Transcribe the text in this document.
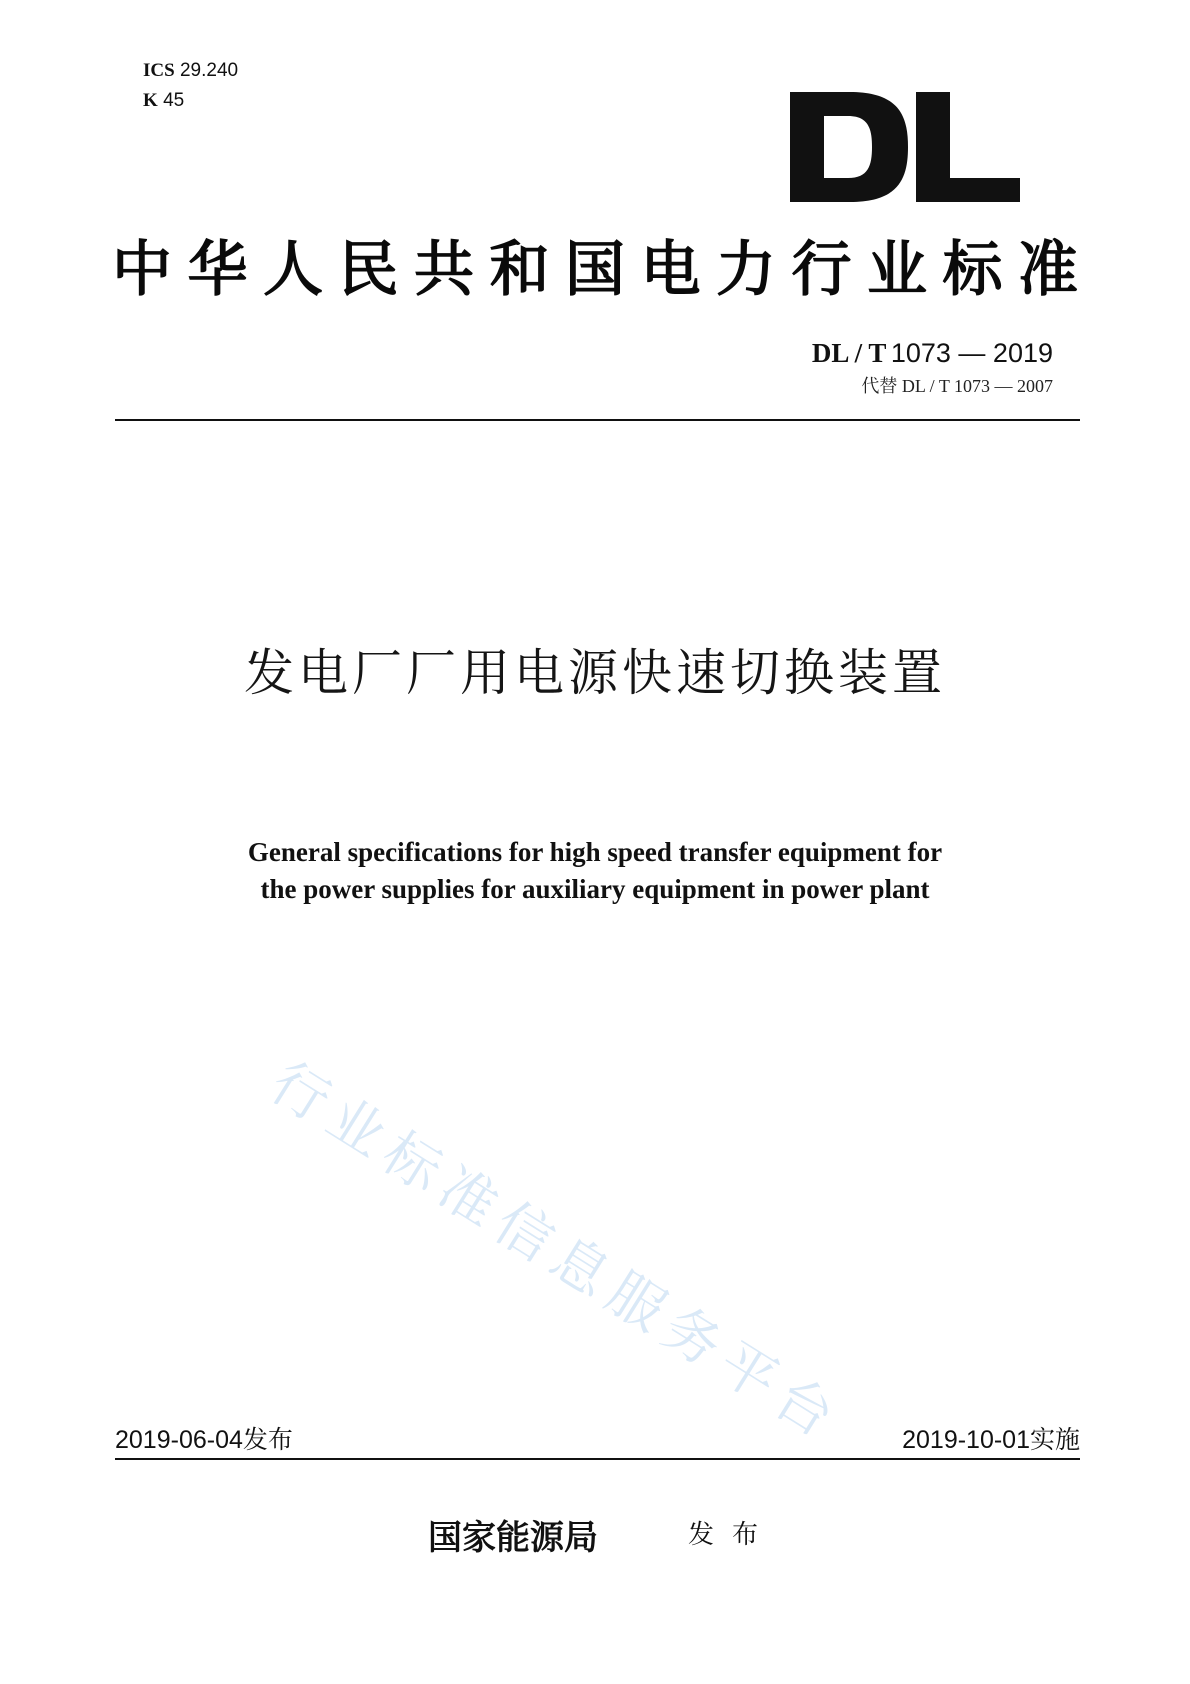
ICS 29.240
K 45
中华人民共和国电力行业标准
DL / T 1073 — 2019
代替 DL / T 1073 — 2007
发电厂厂用电源快速切换装置
General specifications for high speed transfer equipment for
the power supplies for auxiliary equipment in power plant
行业标准信息服务平台
2019-06-04发布	2019-10-01实施
国家能源局	发布
